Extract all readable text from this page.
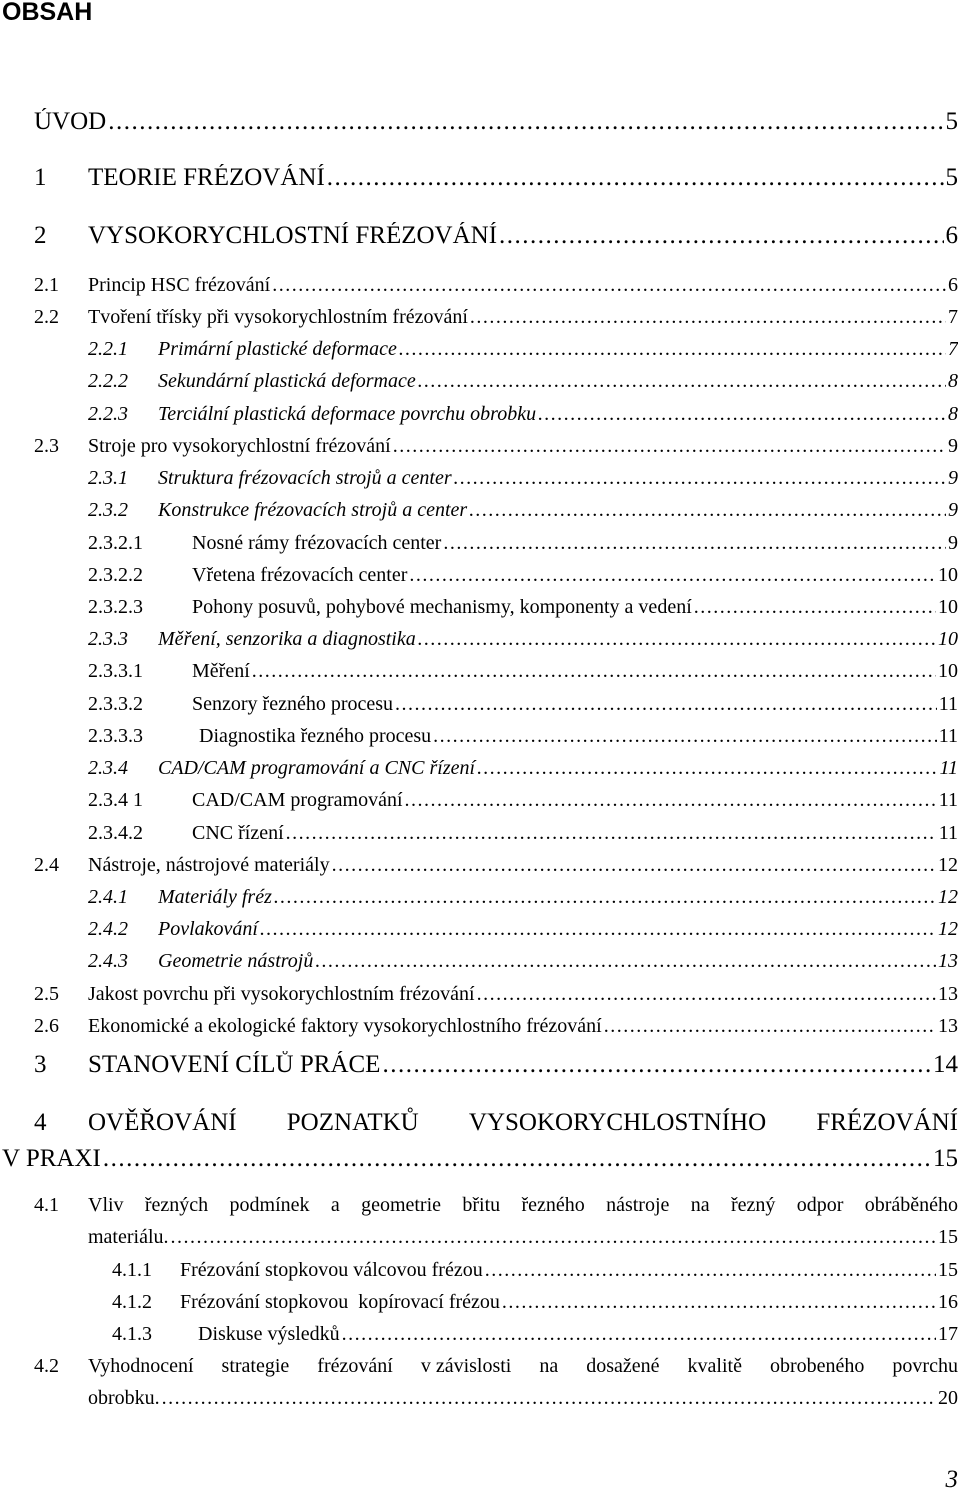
OBSAH
ÚVOD .....	5
1 TEORIE FRÉZOVÁNÍ .....	5
2 VYSOKORYCHLOSTNÍ FRÉZOVÁNÍ .....	6
2.1 Princip HSC frézování .....	6
2.2 Tvoření třísky při vysokorychlostním frézování .....	7
2.2.1 Primární plastické deformace .....	7
2.2.2 Sekundární plastická deformace .....	8
2.2.3 Terciální plastická deformace povrchu obrobku .....	8
2.3 Stroje pro vysokorychlostní frézování .....	9
2.3.1 Struktura frézovacích strojů a center .....	9
2.3.2 Konstrukce frézovacích strojů a center .....	9
2.3.2.1 Nosné rámy frézovacích center .....	9
2.3.2.2 Vřetena frézovacích center .....	10
2.3.2.3 Pohony posuvů, pohybové mechanismy, komponenty a vedení .....	10
2.3.3 Měření, senzorika a diagnostika .....	10
2.3.3.1 Měření .....	10
2.3.3.2 Senzory řezného procesu .....	11
2.3.3.3	Diagnostika řezného procesu .....	11
2.3.4 CAD/CAM programování a CNC řízení .....	11
2.3.4 1 CAD/CAM programování .....	11
2.3.4.2 CNC řízení .....	11
2.4 Nástroje, nástrojové materiály .....	12
2.4.1 Materiály fréz .....	12
2.4.2 Povlakování .....	12
2.4.3 Geometrie nástrojů .....	13
2.5 Jakost povrchu při vysokorychlostním frézování .....	13
2.6 Ekonomické a ekologické faktory vysokorychlostního frézování .....	13
3 STANOVENÍ CÍLŮ PRÁCE .....	14
4 OVĚŘOVÁNÍ POZNATKŮ VYSOKORYCHLOSTNÍHO FRÉZOVÁNÍ
V PRAXI .....	15
4.1 Vliv řezných podmínek a geometrie břitu řezného nástroje na řezný odpor obráběného
materiálu. .....	15
4.1.1 Frézování stopkovou válcovou frézou .....	15
4.1.2 Frézování stopkovou  kopírovací frézou .....	16
4.1.3 Diskuse výsledků .....	17
4.2 Vyhodnocení strategie frézování v závislosti na dosažené kvalitě obrobeného povrchu
obrobku. .....	20
3
